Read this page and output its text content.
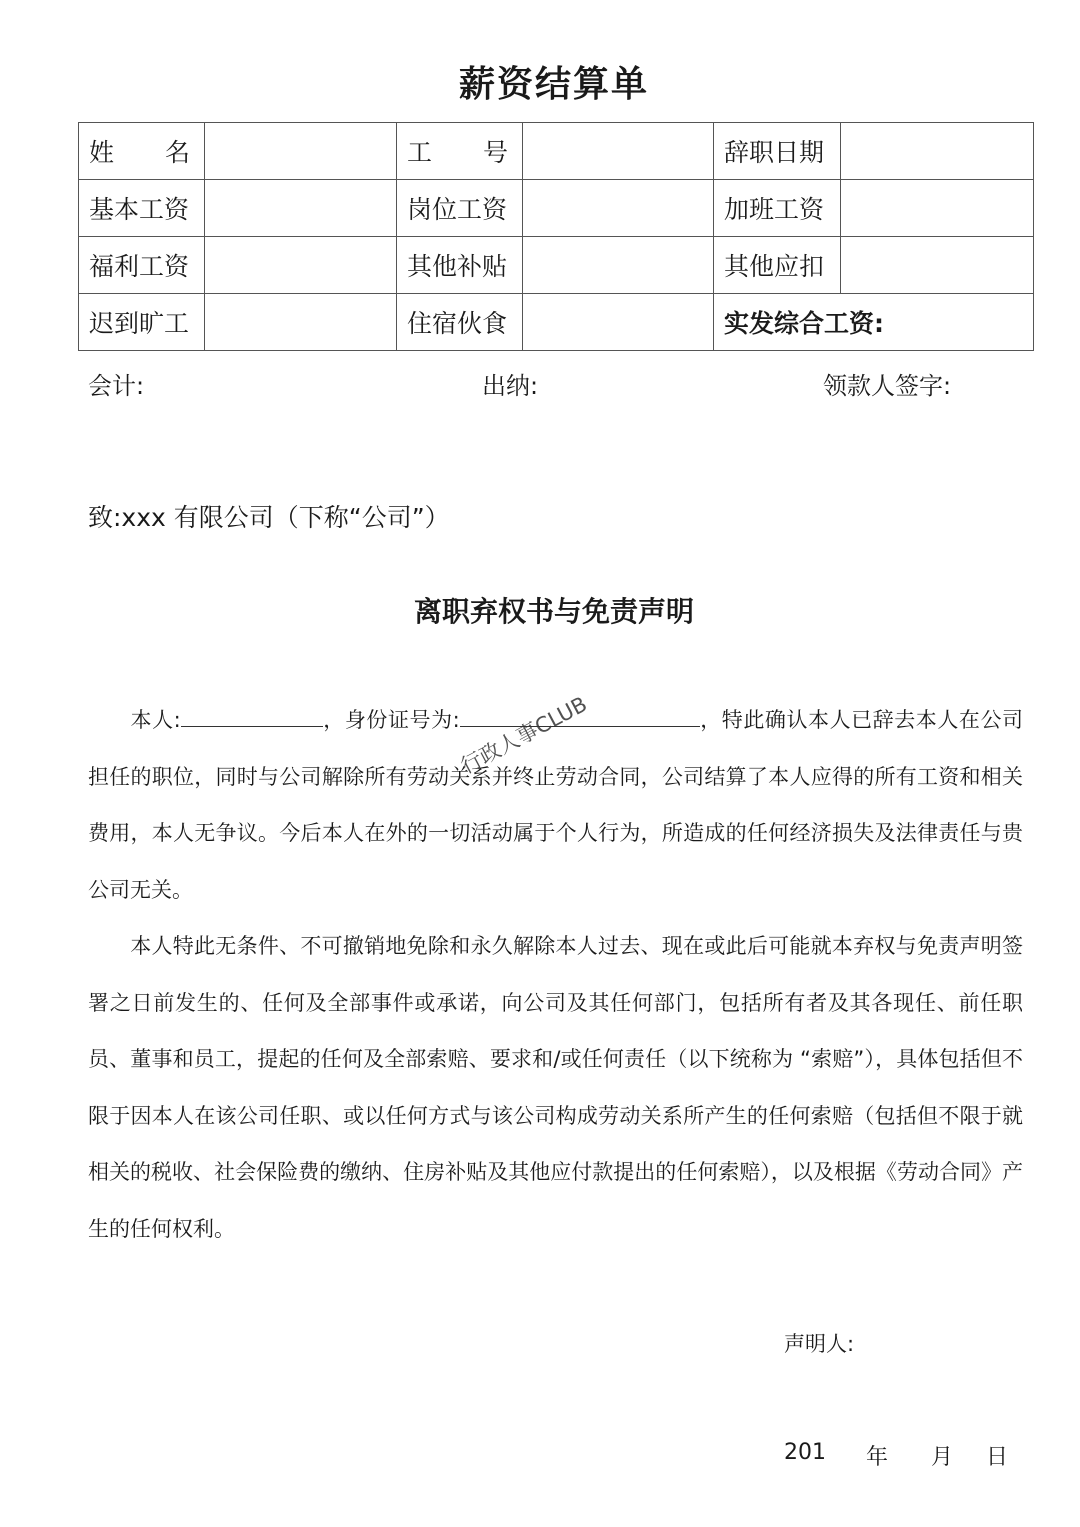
薪资结算单
姓 名		工 号		辞职日期	
基本工资		岗位工资		加班工资	
福利工资		其他补贴		其他应扣	
迟到旷工		住宿伙食		实发综合工资:	
会计:	出纳:	领款人签字:
致:xxx 有限公司（下称“公司”）
离职弃权书与免责声明
本人:	，身份证号为:	，特此确认本人已辞去本人在公司担任的职位，同时与公司解除所有劳动关系并终止劳动合同，公司结算了本人应得的所有工资和相关费用，本人无争议。今后本人在外的一切活动属于个人行为，所造成的任何经济损失及法律责任与贵公司无关。
本人特此无条件、不可撤销地免除和永久解除本人过去、现在或此后可能就本弃权与免责声明签署之日前发生的、任何及全部事件或承诺，向公司及其任何部门，包括所有者及其各现任、前任职员、董事和员工，提起的任何及全部索赔、要求和/或任何责任（以下统称为 “索赔”），具体包括但不限于因本人在该公司任职、或以任何方式与该公司构成劳动关系所产生的任何索赔（包括但不限于就相关的税收、社会保险费的缴纳、住房补贴及其他应付款提出的任何索赔），以及根据《劳动合同》产生的任何权利。
行政人事CLUB
声明人:
201 年 月 日
